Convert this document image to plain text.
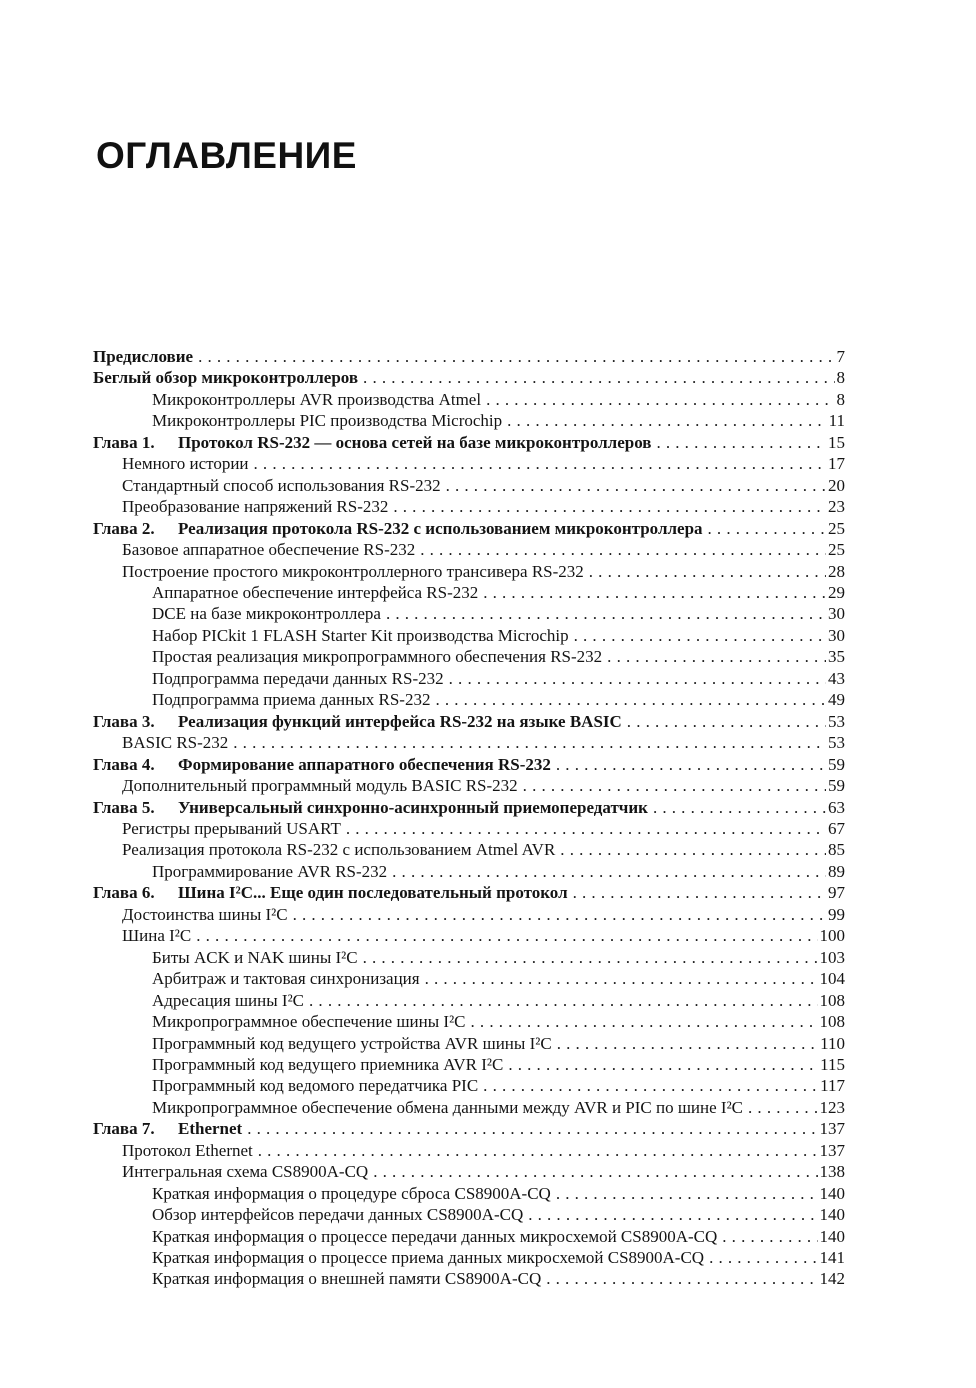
ОГЛАВЛЕНИЕ
Предисловие . . .	7
Беглый обзор микроконтроллеров . . .	8
Микроконтроллеры AVR производства Atmel . . .	8
Микроконтроллеры PIC производства Microchip . . .	11
Глава 1.	Протокол RS-232 — основа сетей на базе микроконтроллеров . . .	15
Немного истории . . .	17
Стандартный способ использования RS-232 . . .	20
Преобразование напряжений RS-232 . . .	23
Глава 2.	Реализация протокола RS-232 с использованием микроконтроллера . . .	25
Базовое аппаратное обеспечение RS-232 . . .	25
Построение простого микроконтроллерного трансивера RS-232 . . .	28
Аппаратное обеспечение интерфейса RS-232 . . .	29
DCE на базе микроконтроллера . . .	30
Набор PICkit 1 FLASH Starter Kit производства Microchip . . .	30
Простая реализация микропрограммного обеспечения RS-232 . . .	35
Подпрограмма передачи данных RS-232 . . .	43
Подпрограмма приема данных RS-232 . . .	49
Глава 3.	Реализация функций интерфейса RS-232 на языке BASIC . . .	53
BASIC RS-232 . . .	53
Глава 4.	Формирование аппаратного обеспечения RS-232 . . .	59
Дополнительный программный модуль BASIC RS-232 . . .	59
Глава 5.	Универсальный синхронно-асинхронный приемопередатчик . . .	63
Регистры прерываний USART . . .	67
Реализация протокола RS-232 с использованием Atmel AVR . . .	85
Программирование AVR RS-232 . . .	89
Глава 6.	Шина I²C... Еще один последовательный протокол . . .	97
Достоинства шины I²C . . .	99
Шина I²C . . .	100
Биты ACK и NAK шины I²C . . .	103
Арбитраж и тактовая синхронизация . . .	104
Адресация шины I²C . . .	108
Микропрограммное обеспечение шины I²C . . .	108
Программный код ведущего устройства AVR шины I²C . . .	110
Программный код ведущего приемника AVR I²C . . .	115
Программный код ведомого передатчика PIC . . .	117
Микропрограммное обеспечение обмена данными между AVR и PIC по шине I²C . . .	123
Глава 7.	Ethernet . . .	137
Протокол Ethernet . . .	137
Интегральная схема CS8900A-CQ . . .	138
Краткая информация о процедуре сброса CS8900A-CQ . . .	140
Обзор интерфейсов передачи данных CS8900A-CQ . . .	140
Краткая информация о процессе передачи данных микросхемой CS8900A-CQ . . .	140
Краткая информация о процессе приема данных микросхемой CS8900A-CQ . . .	141
Краткая информация о внешней памяти CS8900A-CQ . . .	142
